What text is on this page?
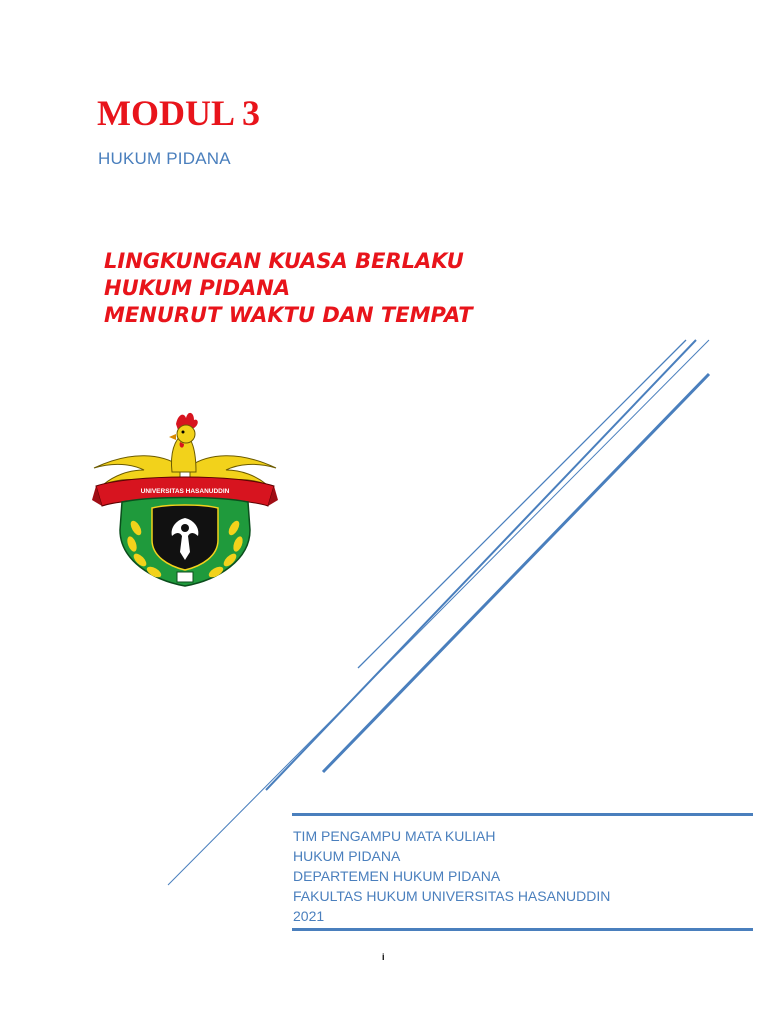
MODUL 3

HUKUM PIDANA

LINGKUNGAN KUASA BERLAKU
HUKUM PIDANA
MENURUT WAKTU DAN TEMPAT
UNIVERSITAS HASANUDDIN

TIM PENGAMPU MATA KULIAH
HUKUM PIDANA
DEPARTEMEN HUKUM PIDANA
FAKULTAS HUKUM UNIVERSITAS HASANUDDIN
2021

i
